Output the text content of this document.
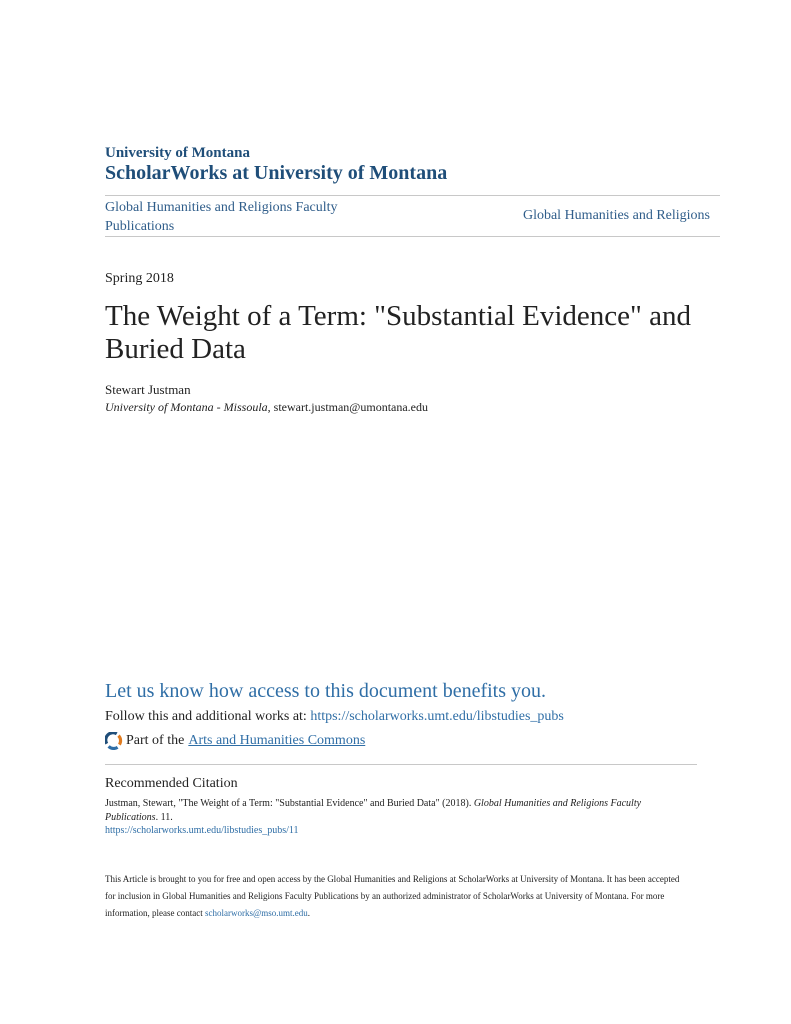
University of Montana
ScholarWorks at University of Montana
Global Humanities and Religions Faculty Publications
Global Humanities and Religions
Spring 2018
The Weight of a Term: "Substantial Evidence" and Buried Data
Stewart Justman
University of Montana - Missoula, stewart.justman@umontana.edu
Let us know how access to this document benefits you.
Follow this and additional works at: https://scholarworks.umt.edu/libstudies_pubs
Part of the Arts and Humanities Commons
Recommended Citation
Justman, Stewart, "The Weight of a Term: "Substantial Evidence" and Buried Data" (2018). Global Humanities and Religions Faculty Publications. 11.
https://scholarworks.umt.edu/libstudies_pubs/11
This Article is brought to you for free and open access by the Global Humanities and Religions at ScholarWorks at University of Montana. It has been accepted for inclusion in Global Humanities and Religions Faculty Publications by an authorized administrator of ScholarWorks at University of Montana. For more information, please contact scholarworks@mso.umt.edu.
